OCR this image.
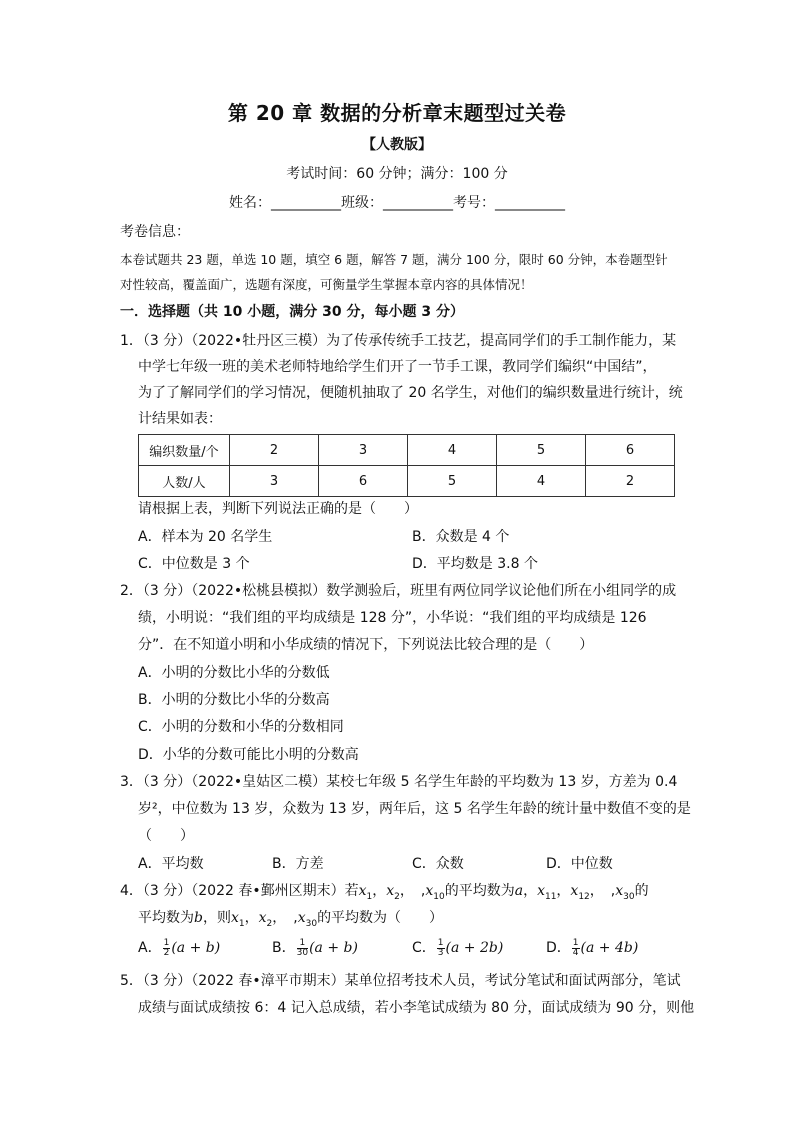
第 20 章 数据的分析章末题型过关卷
【人教版】
考试时间：60 分钟；满分：100 分
姓名：__________班级：__________考号：__________
考卷信息：
本卷试题共 23 题，单选 10 题，填空 6 题，解答 7 题，满分 100 分，限时 60 分钟，本卷题型针
对性较高，覆盖面广，选题有深度，可衡量学生掌握本章内容的具体情况！
一．选择题（共 10 小题，满分 30 分，每小题 3 分）
1．（3 分）（2022•牡丹区三模）为了传承传统手工技艺，提高同学们的手工制作能力，某
中学七年级一班的美术老师特地给学生们开了一节手工课，教同学们编织“中国结”，
为了了解同学们的学习情况，便随机抽取了 20 名学生，对他们的编织数量进行统计，统
计结果如表：
编织数量/个	2	3	4	5	6
人数/人	3	6	5	4	2
请根据上表，判断下列说法正确的是（　　）
A．样本为 20 名学生	B．众数是 4 个
C．中位数是 3 个	D．平均数是 3.8 个
2．（3 分）（2022•松桃县模拟）数学测验后，班里有两位同学议论他们所在小组同学的成
绩，小明说：“我们组的平均成绩是 128 分”，小华说：“我们组的平均成绩是 126
分”．在不知道小明和小华成绩的情况下，下列说法比较合理的是（　　）
A．小明的分数比小华的分数低
B．小明的分数比小华的分数高
C．小明的分数和小华的分数相同
D．小华的分数可能比小明的分数高
3．（3 分）（2022•皇姑区二模）某校七年级 5 名学生年龄的平均数为 13 岁，方差为 0.4
岁²，中位数为 13 岁，众数为 13 岁，两年后，这 5 名学生年龄的统计量中数值不变的是
（　　）
A．平均数	B．方差	C．众数	D．中位数
4．（3 分）（2022 春•鄞州区期末）若$x_1$，$x_2$，　$,x_{10}$的平均数为a，$x_{11}$，$x_{12}$，　$,x_{30}$的
平均数为b，则$x_1$，$x_2$，　$,x_{30}$的平均数为（　　）
A． $\frac{1}{2} (a + b)$	B． $\frac{1}{30} (a + b)$	C． $\frac{1}{3} (a + 2b)$	D． $\frac{1}{4} (a + 4b)$
5．（3 分）（2022 春•漳平市期末）某单位招考技术人员，考试分笔试和面试两部分，笔试
成绩与面试成绩按 6：4 记入总成绩，若小李笔试成绩为 80 分，面试成绩为 90 分，则他
